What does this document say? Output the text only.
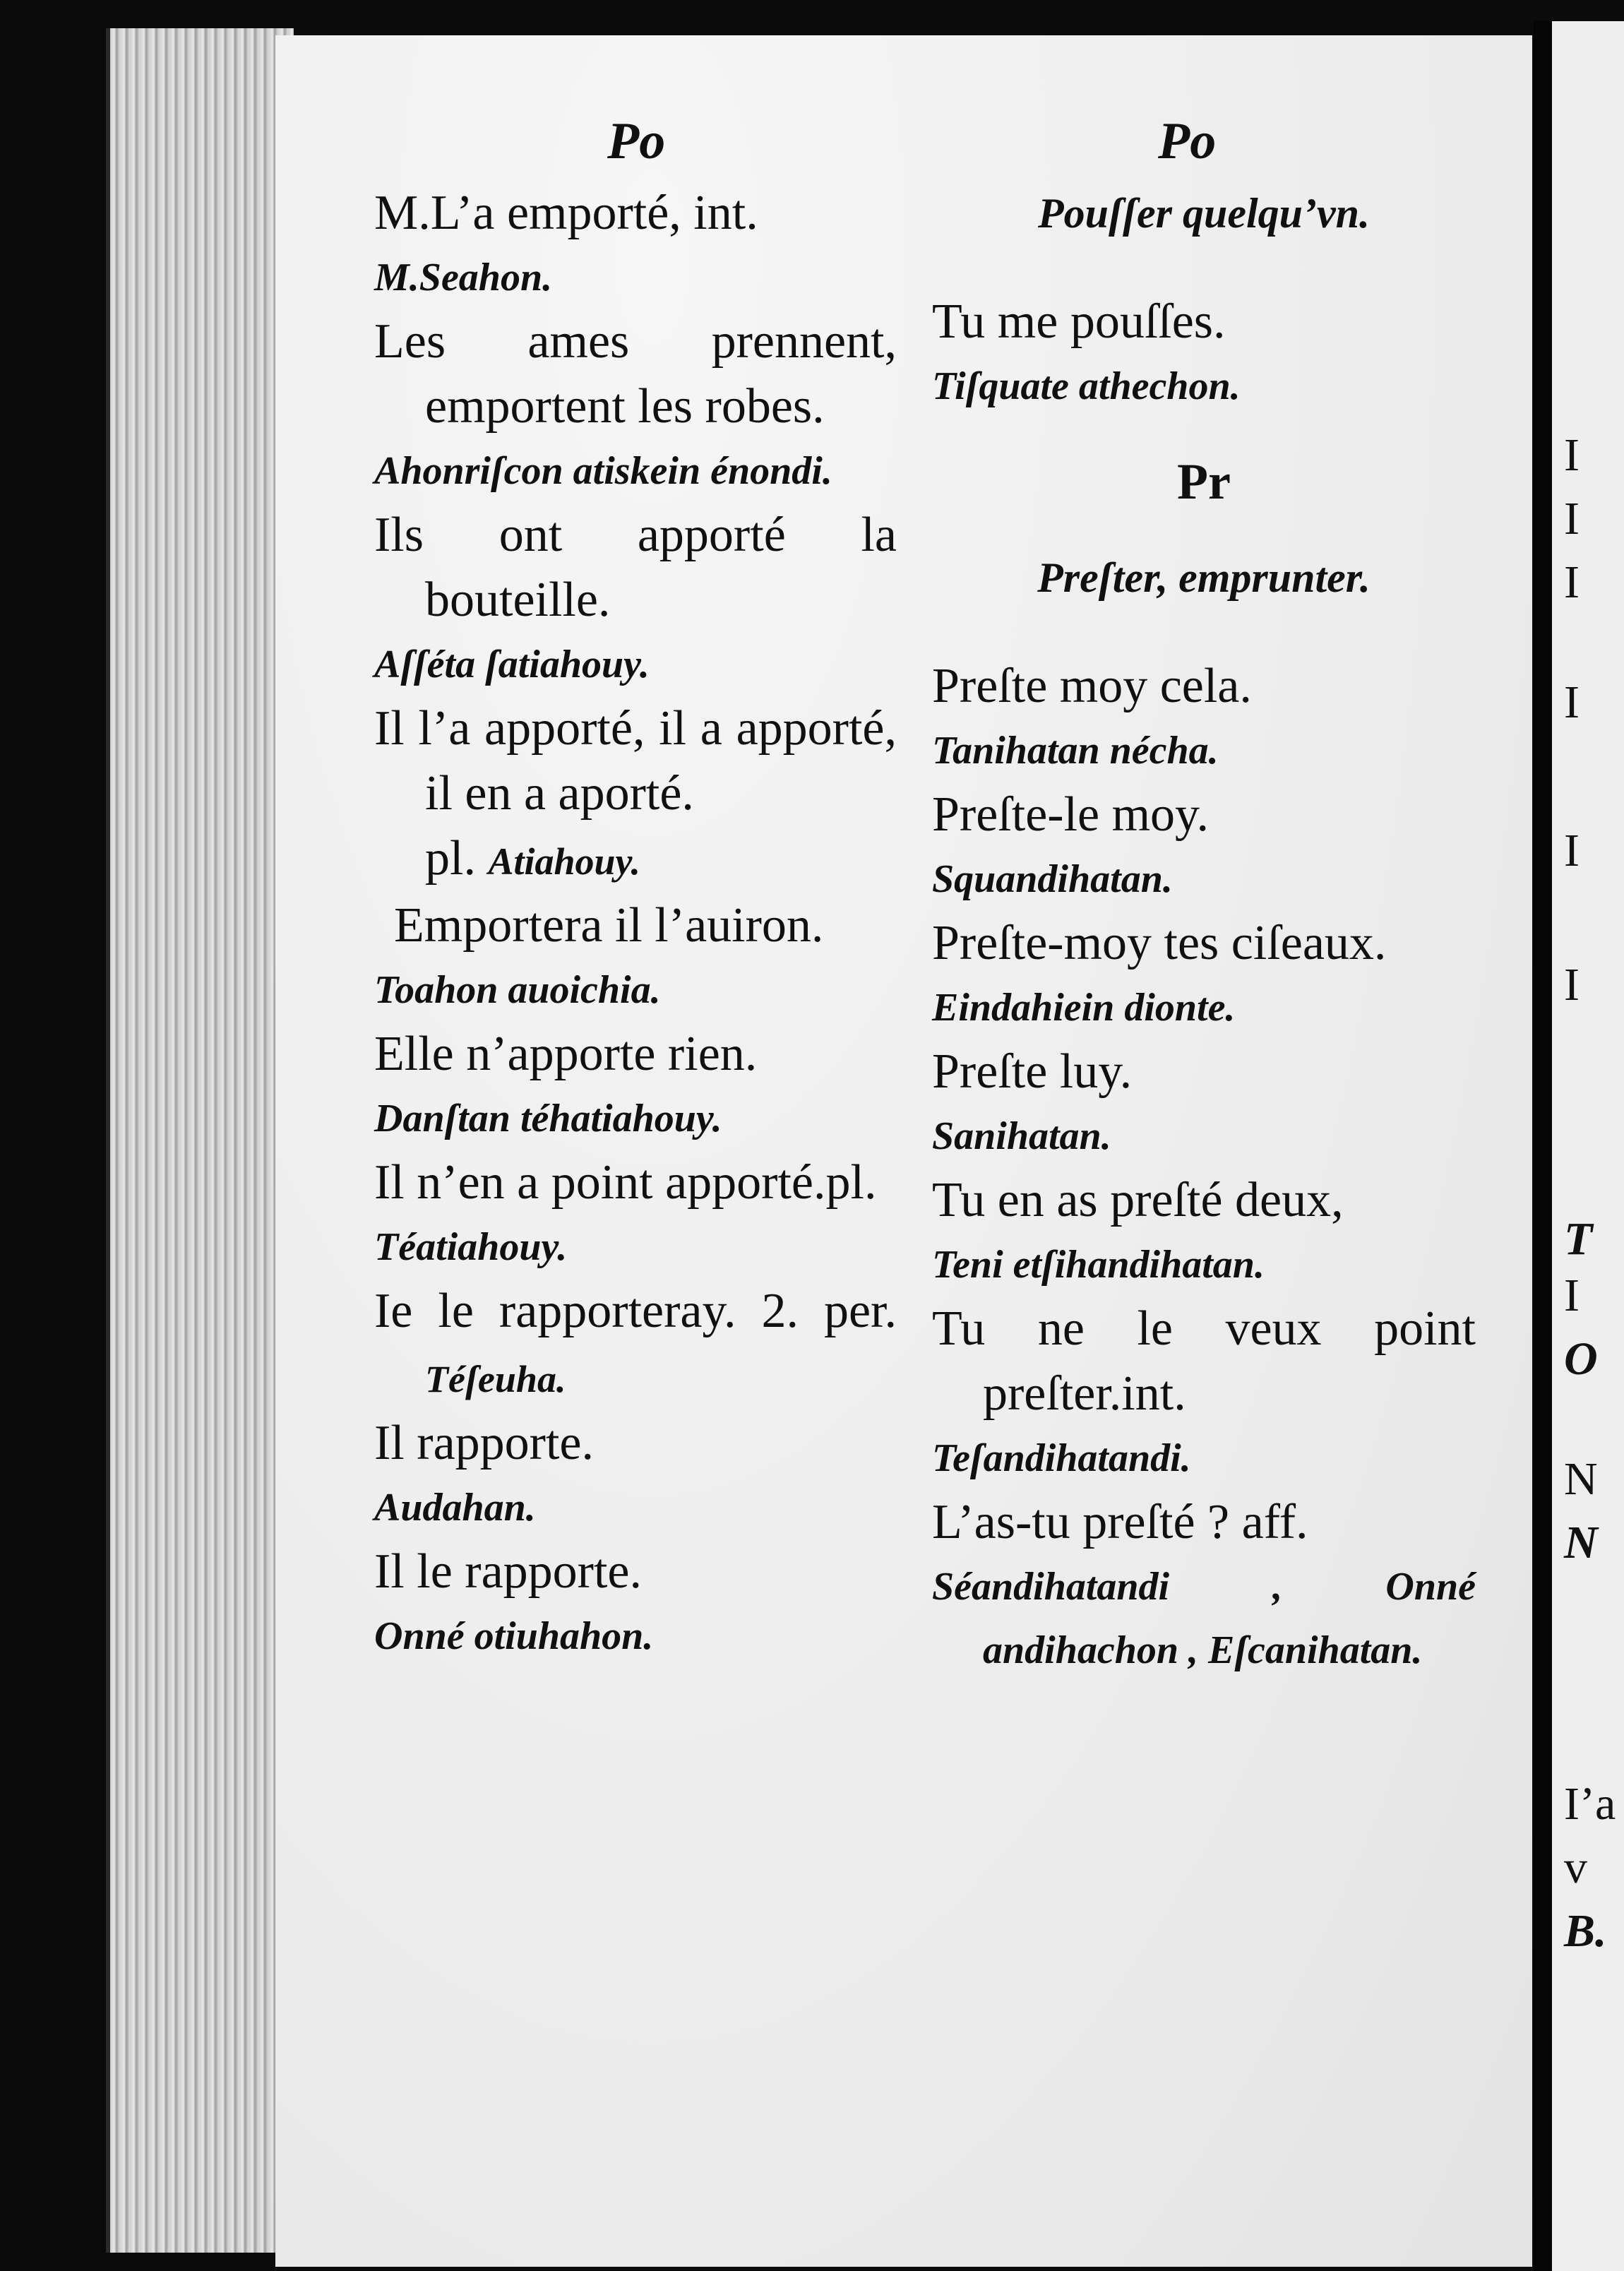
Po

M.L’a emporté, int.

M.Seahon.

Les ames prennent, emportent les robes.

Ahonriſcon atiskein énondi.

Ils ont apporté la bouteille.

Aſſéta ſatiahouy.

Il l’a apporté, il a apporté, il en a aporté.
pl. Atiahouy.

Emportera il l’auiron.

Toahon auoichia.

Elle n’apporte rien.

Danſtan téhatiahouy.

Il n’en a point apporté.pl.

Téatiahouy.

Ie le rapporteray. 2. per. Téſeuha.

Il rapporte.

Audahan.

Il le rapporte.

Onné otiuhahon.

Po

Pouſſer quelqu’vn.

Tu me pouſſes.

Tiſquate athechon.

Pr

Preſter, emprunter.

Preſte moy cela.

Tanihatan nécha.

Preſte-le moy.

Squandihatan.

Preſte-moy tes ciſeaux.

Eindahiein dionte.

Preſte luy.

Sanihatan.

Tu en as preſté deux,

Teni etſihandihatan.

Tu ne le veux point preſter.int.

Teſandihatandi.

L’as-tu preſté ? aff.

Séandihatandi , Onné andihachon , Eſcanihatan.

I
I
I
I
I
I
T
I
O
N
N
I’a
v
B.
